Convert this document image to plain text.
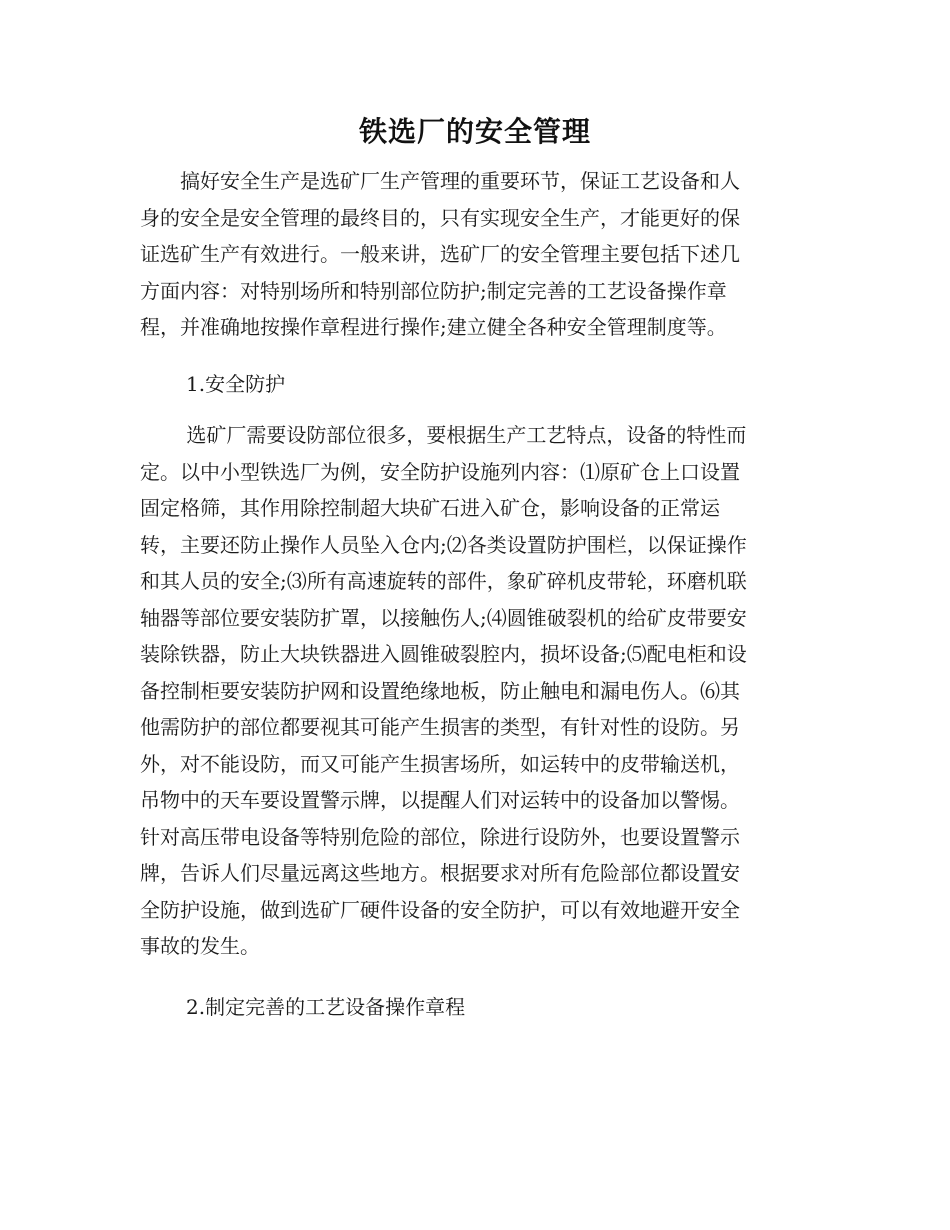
铁选厂的安全管理
　　搞好安全生产是选矿厂生产管理的重要环节，保证工艺设备和人
身的安全是安全管理的最终目的，只有实现安全生产，才能更好的保
证选矿生产有效进行。一般来讲，选矿厂的安全管理主要包括下述几
方面内容：对特别场所和特别部位防护;制定完善的工艺设备操作章
程，并准确地按操作章程进行操作;建立健全各种安全管理制度等。
1.安全防护
　　 选矿厂需要设防部位很多，要根据生产工艺特点，设备的特性而
定。以中小型铁选厂为例，安全防护设施列内容：⑴原矿仓上口设置
固定格筛，其作用除控制超大块矿石进入矿仓，影响设备的正常运
转，主要还防止操作人员坠入仓内;⑵各类设置防护围栏，以保证操作
和其人员的安全;⑶所有高速旋转的部件，象矿碎机皮带轮，环磨机联
轴器等部位要安装防扩罩，以接触伤人;⑷圆锥破裂机的给矿皮带要安
装除铁器，防止大块铁器进入圆锥破裂腔内，损坏设备;⑸配电柜和设
备控制柜要安装防护网和设置绝缘地板，防止触电和漏电伤人。⑹其
他需防护的部位都要视其可能产生损害的类型，有针对性的设防。另
外，对不能设防，而又可能产生损害场所，如运转中的皮带输送机，
吊物中的天车要设置警示牌，以提醒人们对运转中的设备加以警惕。
针对高压带电设备等特别危险的部位，除进行设防外，也要设置警示
牌，告诉人们尽量远离这些地方。根据要求对所有危险部位都设置安
全防护设施，做到选矿厂硬件设备的安全防护，可以有效地避开安全
事故的发生。
2.制定完善的工艺设备操作章程
